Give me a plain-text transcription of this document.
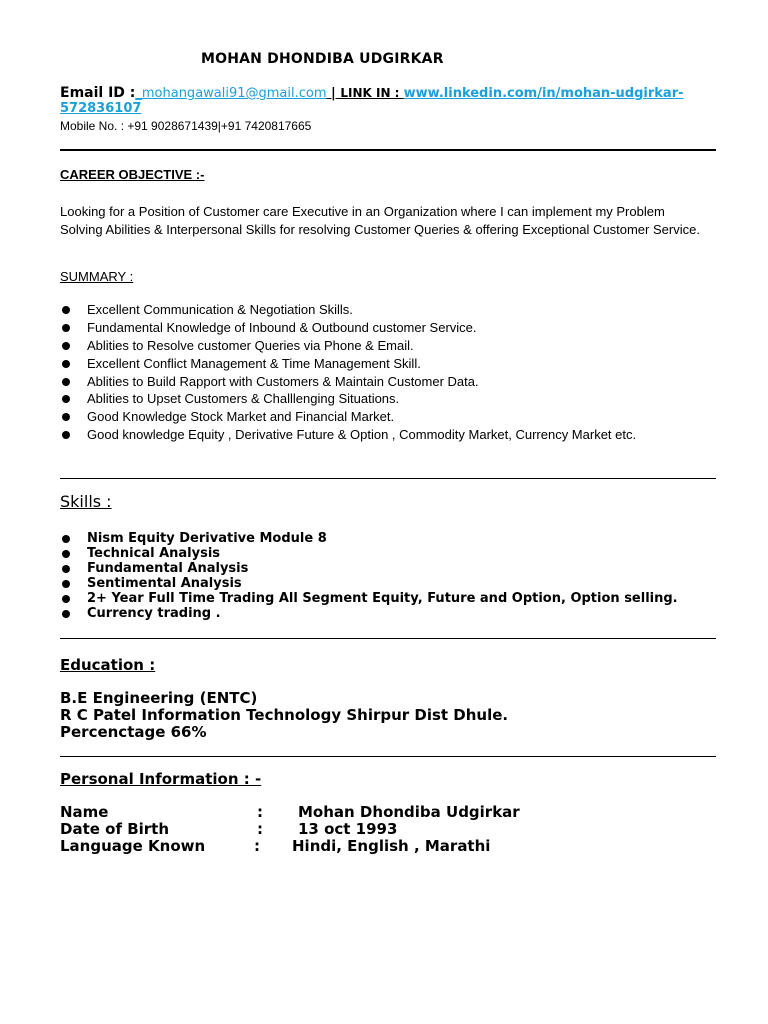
MOHAN DHONDIBA UDGIRKAR
Email ID :_mohangawali91@gmail.com | LINK IN : www.linkedin.com/in/mohan-udgirkar-572836107
Mobile No. : +91 9028671439|+91 7420817665
CAREER OBJECTIVE :-
Looking for a Position of Customer care Executive in an Organization where I can implement my Problem Solving Abilities & Interpersonal Skills for resolving Customer Queries & offering Exceptional Customer Service.
SUMMARY :
Excellent Communication & Negotiation Skills.
Fundamental Knowledge of Inbound & Outbound customer Service.
Ablities to Resolve customer Queries via Phone & Email.
Excellent Conflict Management & Time Management Skill.
Ablities to Build Rapport with Customers & Maintain Customer Data.
Ablities to Upset Customers & Challlenging Situations.
Good Knowledge Stock Market and Financial Market.
Good knowledge Equity , Derivative Future & Option , Commodity Market, Currency Market etc.
Skills :
Nism Equity Derivative Module 8
Technical Analysis
Fundamental Analysis
Sentimental Analysis
2+ Year Full Time Trading All Segment Equity, Future and Option, Option selling.
Currency trading .
Education :
B.E Engineering (ENTC)
R C Patel Information Technology Shirpur Dist Dhule.
Percenctage 66%
Personal Information : -
Name	: Mohan Dhondiba Udgirkar
Date of Birth	: 13 oct 1993
Language Known	: Hindi, English , Marathi
